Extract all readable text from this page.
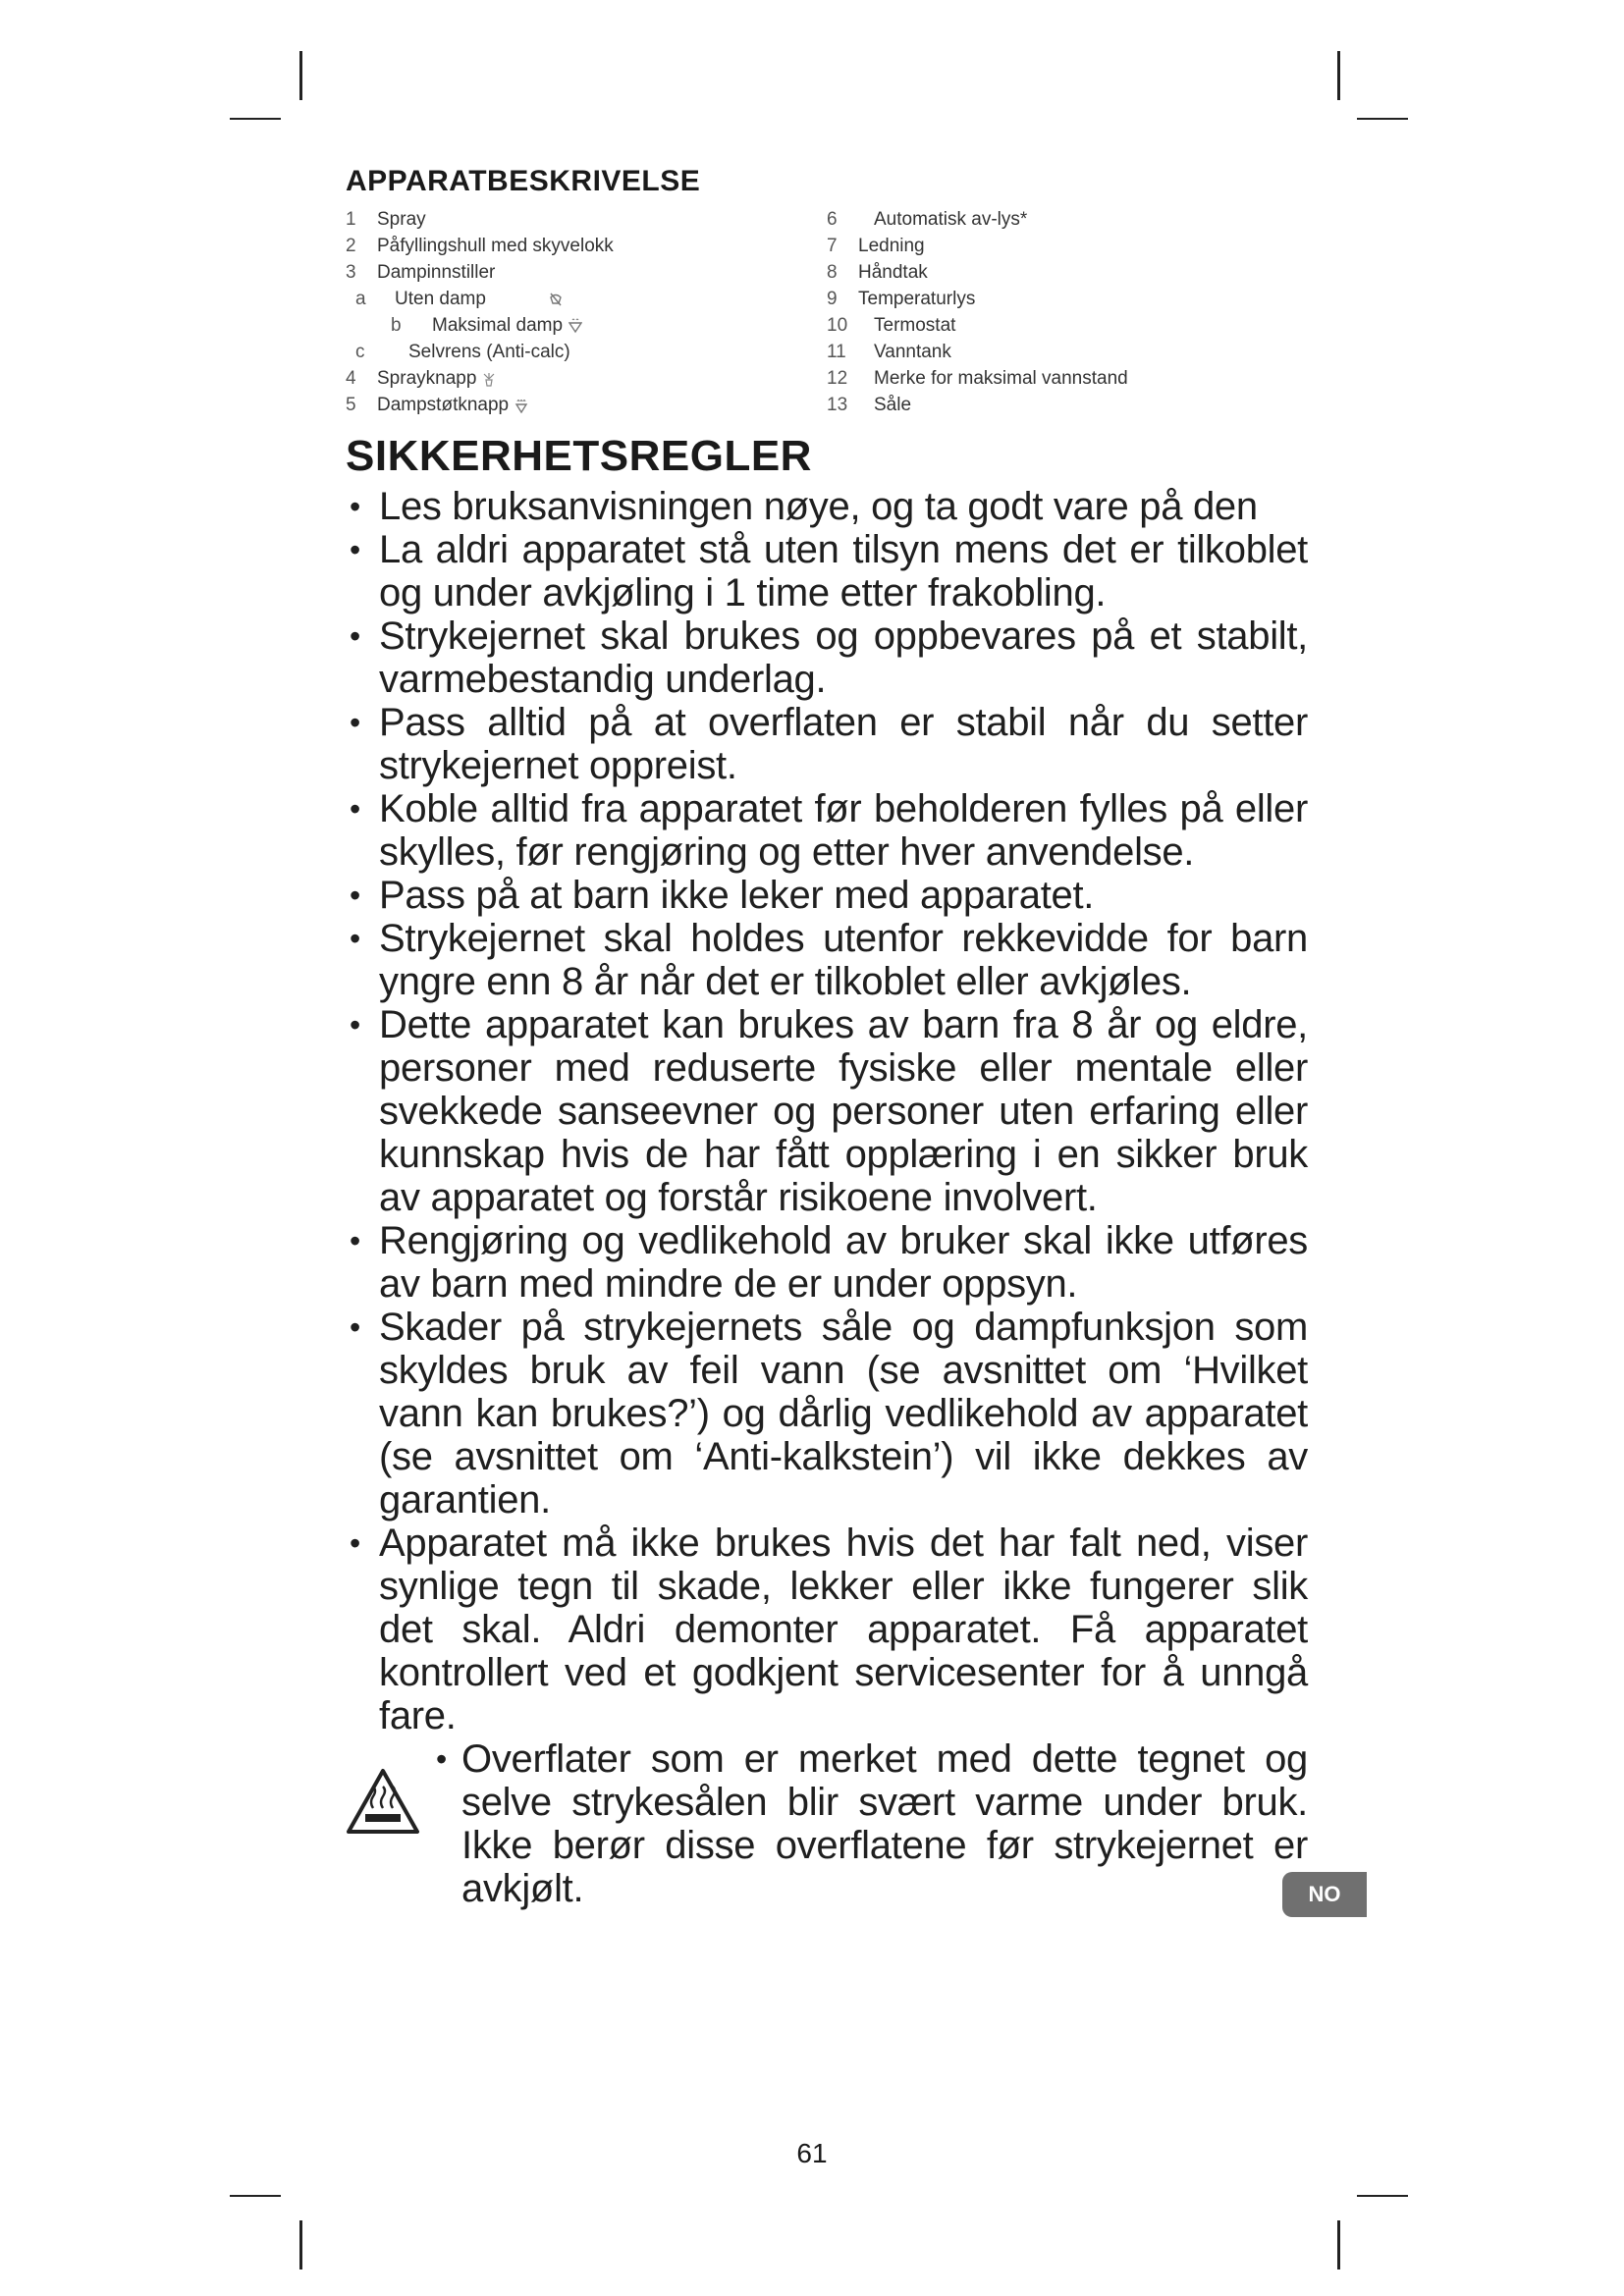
APPARATBESKRIVELSE
1	Spray
2	Påfyllingshull med skyvelokk
3	Dampinnstiller
a	Uten damp
b	Maksimal damp
c	Selvrens (Anti-calc)
4	Sprayknapp
5	Dampstøtknapp
6	Automatisk av-lys*
7	Ledning
8	Håndtak
9	Temperaturlys
10	Termostat
11	Vanntank
12	Merke for maksimal vannstand
13	Såle
SIKKERHETSREGLER
• Les bruksanvisningen nøye, og ta godt vare på den
• La aldri apparatet stå uten tilsyn mens det er tilkoblet og under avkjøling i 1 time etter frakobling.
• Strykejernet skal brukes og oppbevares på et stabilt, varmebestandig underlag.
• Pass alltid på at overflaten er stabil når du setter strykejernet oppreist.
• Koble alltid fra apparatet før beholderen fylles på eller skylles, før rengjøring og etter hver anvendelse.
• Pass på at barn ikke leker med apparatet.
• Strykejernet skal holdes utenfor rekkevidde for barn yngre enn 8 år når det er tilkoblet eller avkjøles.
• Dette apparatet kan brukes av barn fra 8 år og eldre, personer med reduserte fysiske eller mentale eller svekkede sanseevner og personer uten erfaring eller kunnskap hvis de har fått opplæring i en sikker bruk av apparatet og forstår risikoene involvert.
• Rengjøring og vedlikehold av bruker skal ikke utføres av barn med mindre de er under oppsyn.
• Skader på strykejernets såle og dampfunksjon som skyldes bruk av feil vann (se avsnittet om ‘Hvilket vann kan brukes?’) og dårlig vedlikehold av apparatet (se avsnittet om ‘Anti-kalkstein’) vil ikke dekkes av garantien.
• Apparatet må ikke brukes hvis det har falt ned, viser synlige tegn til skade, lekker eller ikke fungerer slik det skal. Aldri demonter apparatet. Få apparatet kontrollert ved et godkjent servicesenter for å unngå fare.
• Overflater som er merket med dette tegnet og selve strykesålen blir svært varme under bruk. Ikke berør disse overflatene før strykejernet er avkjølt.	NO
61
